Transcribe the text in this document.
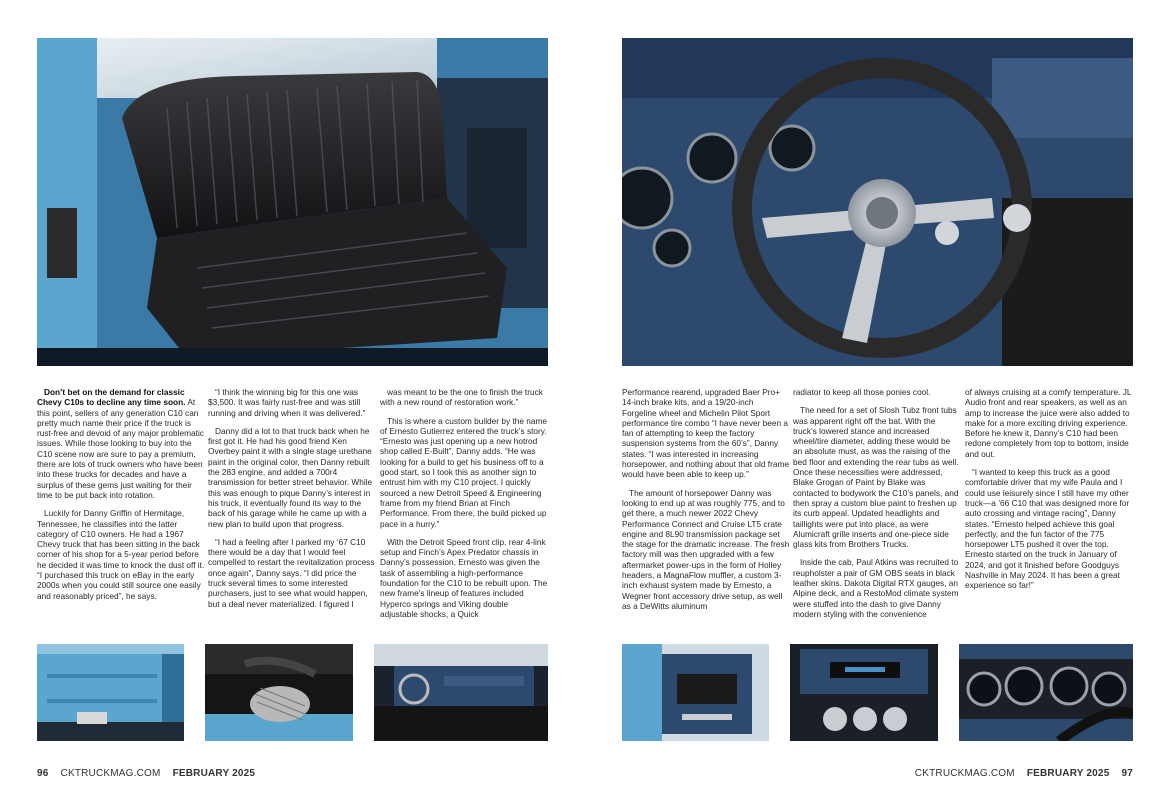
Don’t bet on the demand for classic Chevy C10s to decline any time soon. At this point, sellers of any generation C10 can pretty much name their price if the truck is rust-free and devoid of any major problematic issues. While those looking to buy into the C10 scene now are sure to pay a premium, there are lots of truck owners who have been into these trucks for decades and have a surplus of these gems just waiting for their time to be put back into rotation.

Luckily for Danny Griffin of Hermitage, Tennessee, he classifies into the latter category of C10 owners. He had a 1967 Chevy truck that has been sitting in the back corner of his shop for a 5-year period before he decided it was time to knock the dust off it. “I purchased this truck on eBay in the early 2000s when you could still source one easily and reasonably priced”, he says.

“I think the winning big for this one was $3,500. It was fairly rust-free and was still running and driving when it was delivered.”

Danny did a lot to that truck back when he first got it. He had his good friend Ken Overbey paint it with a single stage urethane paint in the original color, then Danny rebuilt the 283 engine, and added a 700r4 transmission for better street behavior. While this was enough to pique Danny’s interest in his truck, it eventually found its way to the back of his garage while he came up with a new plan to build upon that progress.

“I had a feeling after I parked my ’67 C10 there would be a day that I would feel compelled to restart the revitalization process once again”, Danny says. “I did price the truck several times to some interested purchasers, just to see what would happen, but a deal never materialized. I figured I

was meant to be the one to finish the truck with a new round of restoration work.”

This is where a custom builder by the name of Ernesto Gutierrez entered the truck’s story. “Ernesto was just opening up a new hotrod shop called E-Built”, Danny adds. “He was looking for a build to get his business off to a good start, so I took this as another sign to entrust him with my C10 project. I quickly sourced a new Detroit Speed & Engineering frame from my friend Brian at Finch Performance. From there, the build picked up pace in a hurry.”

With the Detroit Speed front clip, rear 4-link setup and Finch’s Apex Predator chassis in Danny’s possession, Ernesto was given the task of assembling a high-performance foundation for the C10 to be rebuilt upon. The new frame’s lineup of features included Hyperco springs and Viking double adjustable shocks, a Quick

96 CKTRUCKMAG.COM FEBRUARY 2025

Performance rearend, upgraded Baer Pro+ 14-inch brake kits, and a 19/20-inch Forgeline wheel and Michelin Pilot Sport performance tire combo “I have never been a fan of attempting to keep the factory suspension systems from the 60’s”, Danny states. “I was interested in increasing horsepower, and nothing about that old frame would have been able to keep up.”

The amount of horsepower Danny was looking to end up at was roughly 775, and to get there, a much newer 2022 Chevy Performance Connect and Cruise LT5 crate engine and 8L90 transmission package set the stage for the dramatic increase. The fresh factory mill was then upgraded with a few aftermarket power-ups in the form of Holley headers, a MagnaFlow muffler, a custom 3-inch exhaust system made by Ernesto, a Wegner front accessory drive setup, as well as a DeWitts aluminum

radiator to keep all those ponies cool.

The need for a set of Slosh Tubz front tubs was apparent right off the bat. With the truck’s lowered stance and increased wheel/tire diameter, adding these would be an absolute must, as was the raising of the bed floor and extending the rear tubs as well. Once these necessities were addressed, Blake Grogan of Paint by Blake was contacted to bodywork the C10’s panels, and then spray a custom blue paint to freshen up its curb appeal. Updated headlights and taillights were put into place, as were Alumicraft grille inserts and one-piece side glass kits from Brothers Trucks.

Inside the cab, Paul Atkins was recruited to reupholster a pair of GM OBS seats in black leather skins. Dakota Digital RTX gauges, an Alpine deck, and a RestoMod climate system were stuffed into the dash to give Danny modern styling with the convenience

of always cruising at a comfy temperature. JL Audio front and rear speakers, as well as an amp to increase the juice were also added to make for a more exciting driving experience. Before he knew it, Danny’s C10 had been redone completely from top to bottom, inside and out.

“I wanted to keep this truck as a good comfortable driver that my wife Paula and I could use leisurely since I still have my other truck—a ’66 C10 that was designed more for auto crossing and vintage racing”, Danny states. “Ernesto helped achieve this goal perfectly, and the fun factor of the 775 horsepower LT5 pushed it over the top. Ernesto started on the truck in January of 2024, and got it finished before Goodguys Nashville in May 2024. It has been a great experience so far!”

CKTRUCKMAG.COM FEBRUARY 2025 97
